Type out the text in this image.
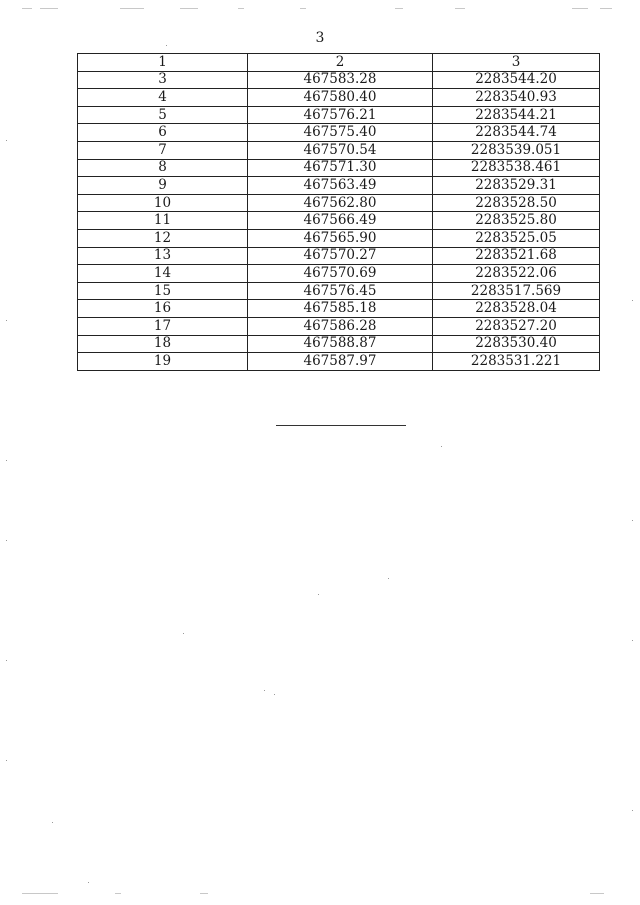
3
1	2	3
3	467583.28	2283544.20
4	467580.40	2283540.93
5	467576.21	2283544.21
6	467575.40	2283544.74
7	467570.54	2283539.051
8	467571.30	2283538.461
9	467563.49	2283529.31
10	467562.80	2283528.50
11	467566.49	2283525.80
12	467565.90	2283525.05
13	467570.27	2283521.68
14	467570.69	2283522.06
15	467576.45	2283517.569
16	467585.18	2283528.04
17	467586.28	2283527.20
18	467588.87	2283530.40
19	467587.97	2283531.221
